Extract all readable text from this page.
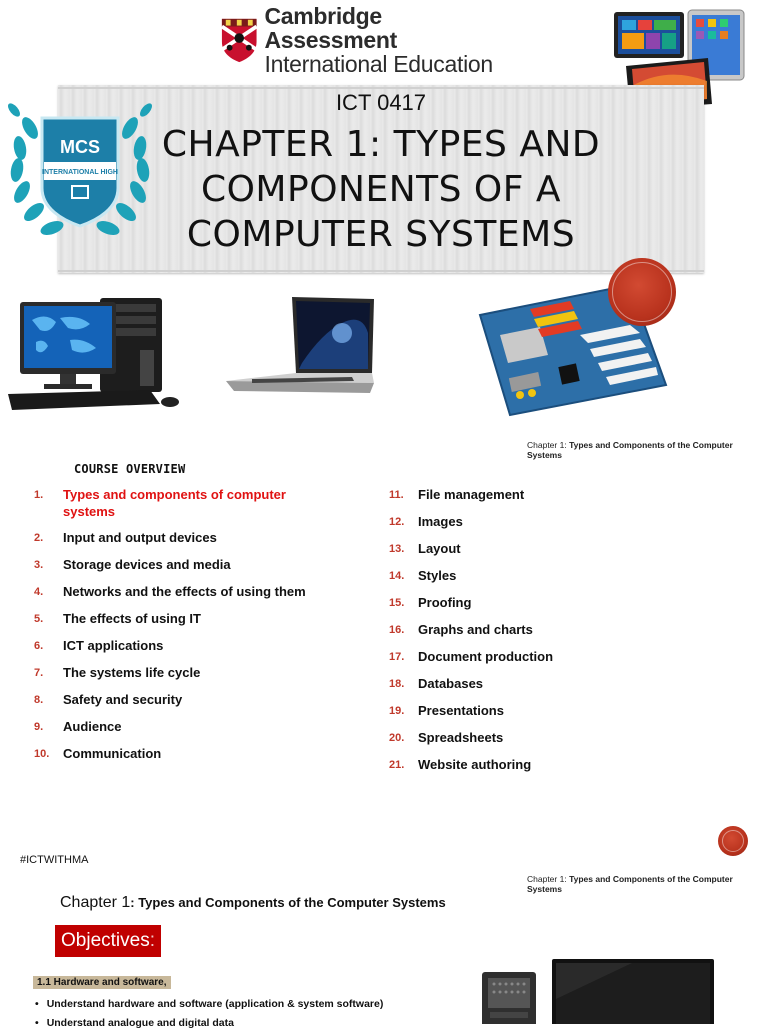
Cambridge Assessment
International Education
ICT 0417
CHAPTER 1: TYPES AND
COMPONENTS OF A
COMPUTER SYSTEMS
MCS
INTERNATIONAL HIGH
Chapter 1: Types and Components of the Computer Systems
COURSE OVERVIEW
1.	Types and components of computer systems
2.	Input and output devices
3.	Storage devices and media
4.	Networks and the effects of using them
5.	The effects of using IT
6.	ICT applications
7.	The systems life cycle
8.	Safety and security
9.	Audience
10.	Communication
11.	File management
12.	Images
13.	Layout
14.	Styles
15.	Proofing
16.	Graphs and charts
17.	Document production
18.	Databases
19.	Presentations
20.	Spreadsheets
21.	Website authoring
#ICTWITHMA
Chapter 1: Types and Components of the Computer Systems
Chapter 1: Types and Components of the Computer Systems
Objectives:
1.1 Hardware and software,
• Understand hardware and software (application & system software)
• Understand analogue and digital data
